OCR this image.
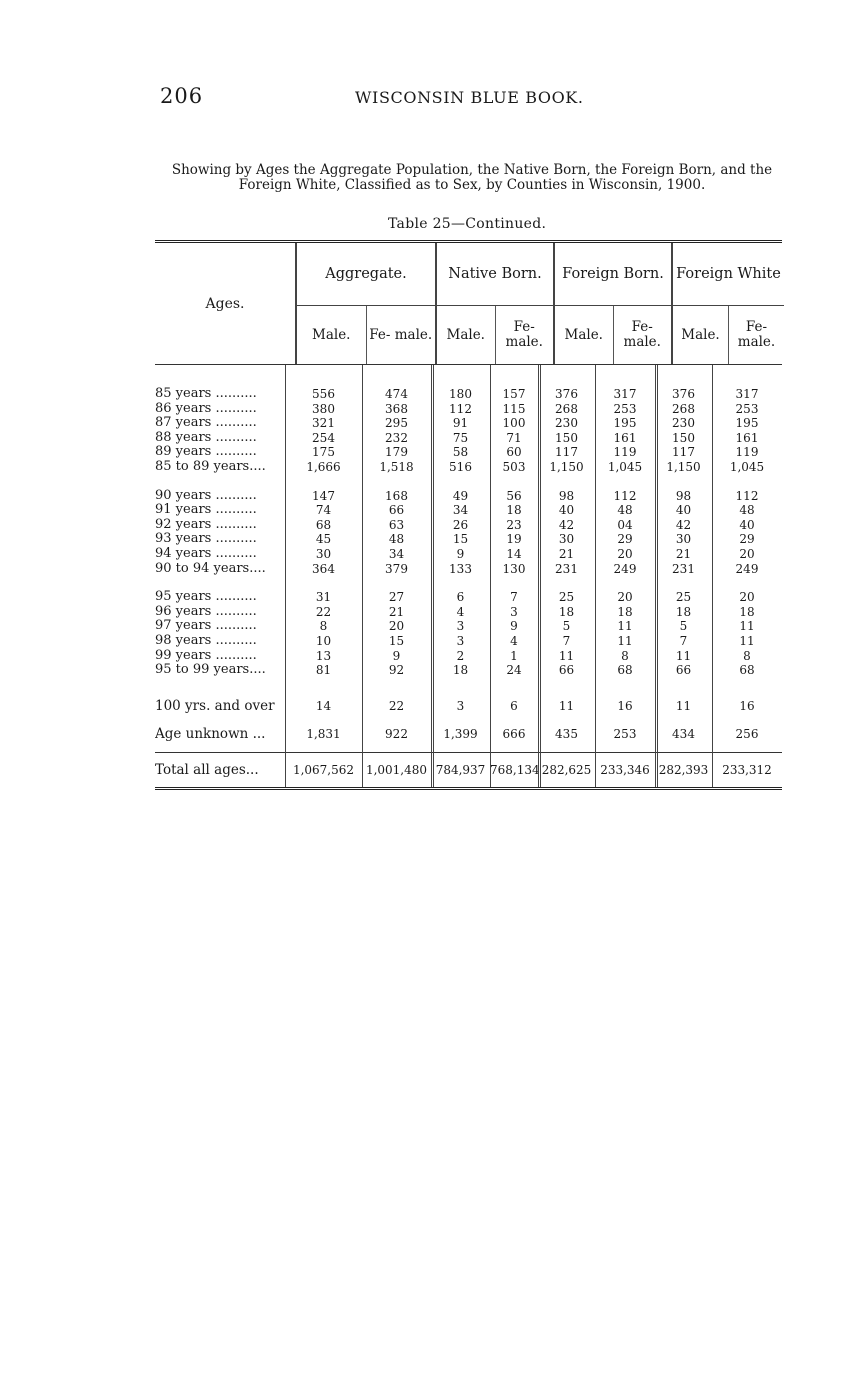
206	WISCONSIN BLUE BOOK.
Showing by Ages the Aggregate Population, the Native Born, the Foreign Born, and the Foreign White, Classified as to Sex, by Counties in Wisconsin, 1900.
Table 25—Continued.
Ages.
Aggregate.
Male.	Fe- male.
Native Born.
Male.	Fe- male.
Foreign Born.
Male.	Fe- male.
Foreign White
Male.	Fe- male.
85 years ..........	556	474	180	157	376	317	376	317
86 years ..........	380	368	112	115	268	253	268	253
87 years ..........	321	295	91	100	230	195	230	195
88 years ..........	254	232	75	71	150	161	150	161
89 years ..........	175	179	58	60	117	119	117	119
85 to 89 years....	1,666	1,518	516	503	1,150	1,045	1,150	1,045
90 years ..........	147	168	49	56	98	112	98	112
91 years ..........	74	66	34	18	40	48	40	48
92 years ..........	68	63	26	23	42	04	42	40
93 years ..........	45	48	15	19	30	29	30	29
94 years ..........	30	34	9	14	21	20	21	20
90 to 94 years....	364	379	133	130	231	249	231	249
95 years ..........	31	27	6	7	25	20	25	20
96 years ..........	22	21	4	3	18	18	18	18
97 years ..........	8	20	3	9	5	11	5	11
98 years ..........	10	15	3	4	7	11	7	11
99 years ..........	13	9	2	1	11	8	11	8
95 to 99 years....	81	92	18	24	66	68	66	68
100 yrs. and over	14	22	3	6	11	16	11	16
Age unknown ...	1,831	922	1,399	666	435	253	434	256
Total all ages...	1,067,562 1,001,480 784,937 768,134 282,625 233,346 282,393	233,312
